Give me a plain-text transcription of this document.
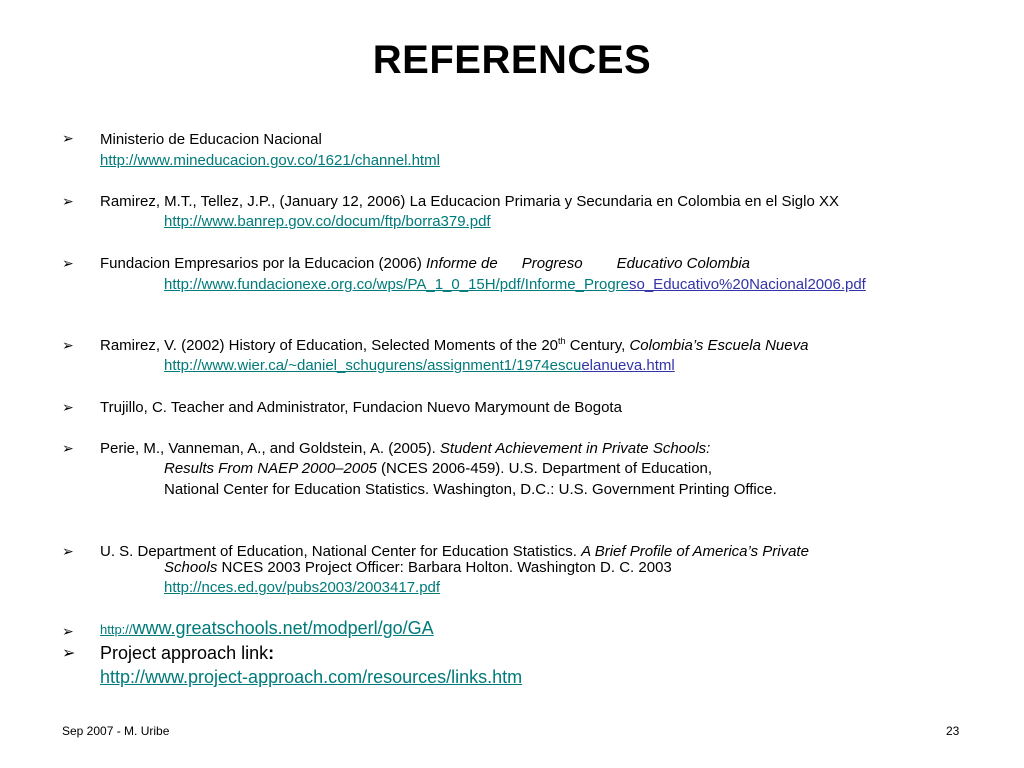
REFERENCES
➢ Ministerio de Educacion Nacional
http://www.mineducacion.gov.co/1621/channel.html
➢ Ramirez, M.T., Tellez, J.P., (January 12, 2006) La Educacion Primaria y Secundaria en Colombia en el Siglo XX
http://www.banrep.gov.co/docum/ftp/borra379.pdf
➢ Fundacion Empresarios por la Educacion (2006) Informe de Progreso Educativo Colombia
http://www.fundacionexe.org.co/wps/PA_1_0_15H/pdf/Informe_Progreso_Educativo%20Nacional2006.pdf
➢ Ramirez, V. (2002) History of Education, Selected Moments of the 20th Century, Colombia’s Escuela Nueva
http://www.wier.ca/~daniel_schugurens/assignment1/1974escuelanueva.html
➢ Trujillo, C. Teacher and Administrator, Fundacion Nuevo Marymount de Bogota
➢ Perie, M., Vanneman, A., and Goldstein, A. (2005). Student Achievement in Private Schools:
Results From NAEP 2000–2005 (NCES 2006-459). U.S. Department of Education,
National Center for Education Statistics. Washington, D.C.: U.S. Government Printing Office.
➢ U. S. Department of Education, National Center for Education Statistics. A Brief Profile of America’s Private
Schools NCES 2003 Project Officer: Barbara Holton. Washington D. C. 2003
http://nces.ed.gov/pubs2003/2003417.pdf
➢ http://www.greatschools.net/modperl/go/GA
➢ Project approach link:
http://www.project-approach.com/resources/links.htm
Sep 2007 - M. Uribe	23
